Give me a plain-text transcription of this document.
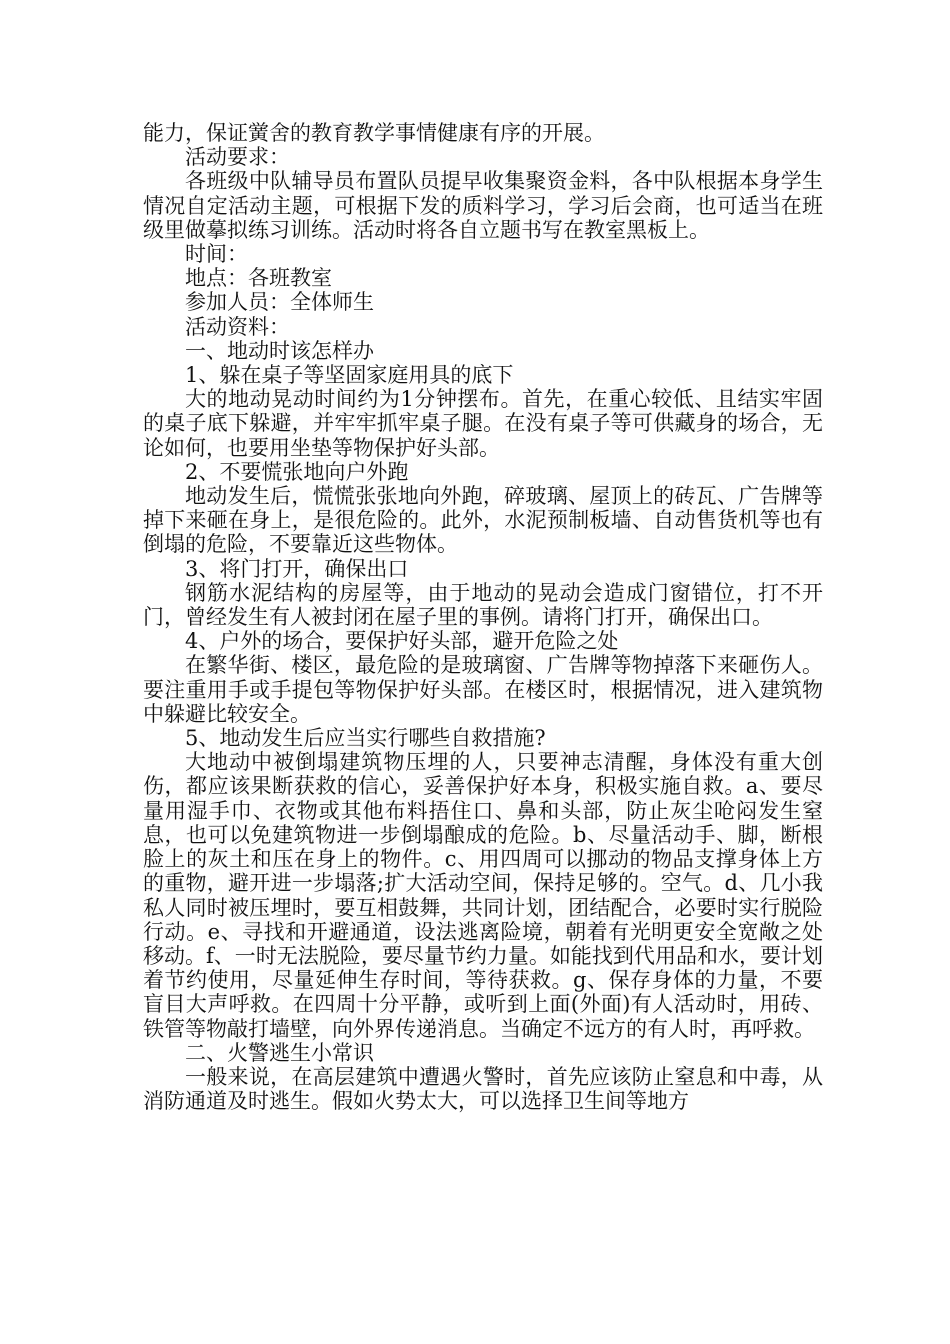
能力，保证黉舍的教育教学事情健康有序的开展。

活动要求：

各班级中队辅导员布置队员提早收集聚资金料，各中队根据本身学生情况自定活动主题，可根据下发的质料学习，学习后会商，也可适当在班级里做摹拟练习训练。活动时将各自立题书写在教室黑板上。

时间：

地点：各班教室

参加人员：全体师生

活动资料：

一、地动时该怎样办

1、躲在桌子等坚固家庭用具的底下

大的地动晃动时间约为1分钟摆布。首先，在重心较低、且结实牢固的桌子底下躲避，并牢牢抓牢桌子腿。在没有桌子等可供藏身的场合，无论如何，也要用坐垫等物保护好头部。

2、不要慌张地向户外跑

地动发生后，慌慌张张地向外跑，碎玻璃、屋顶上的砖瓦、广告牌等掉下来砸在身上，是很危险的。此外，水泥预制板墙、自动售货机等也有倒塌的危险，不要靠近这些物体。

3、将门打开，确保出口

钢筋水泥结构的房屋等，由于地动的晃动会造成门窗错位，打不开门，曾经发生有人被封闭在屋子里的事例。请将门打开，确保出口。

4、户外的场合，要保护好头部，避开危险之处

在繁华街、楼区，最危险的是玻璃窗、广告牌等物掉落下来砸伤人。要注重用手或手提包等物保护好头部。在楼区时，根据情况，进入建筑物中躲避比较安全。

5、地动发生后应当实行哪些自救措施?

大地动中被倒塌建筑物压埋的人，只要神志清醒，身体没有重大创伤，都应该果断获救的信心，妥善保护好本身，积极实施自救。a、要尽量用湿手巾、衣物或其他布料捂住口、鼻和头部，防止灰尘呛闷发生窒息，也可以免建筑物进一步倒塌酿成的危险。b、尽量活动手、脚，断根脸上的灰土和压在身上的物件。c、用四周可以挪动的物品支撑身体上方的重物，避开进一步塌落;扩大活动空间，保持足够的。空气。d、几小我私人同时被压埋时，要互相鼓舞，共同计划，团结配合，必要时实行脱险行动。e、寻找和开避通道，设法逃离险境，朝着有光明更安全宽敞之处移动。f、一时无法脱险，要尽量节约力量。如能找到代用品和水，要计划着节约使用，尽量延伸生存时间，等待获救。g、保存身体的力量，不要盲目大声呼救。在四周十分平静，或听到上面(外面)有人活动时，用砖、铁管等物敲打墙壁，向外界传递消息。当确定不远方的有人时，再呼救。

二、火警逃生小常识

一般来说，在高层建筑中遭遇火警时，首先应该防止窒息和中毒，从消防通道及时逃生。假如火势太大，可以选择卫生间等地方
